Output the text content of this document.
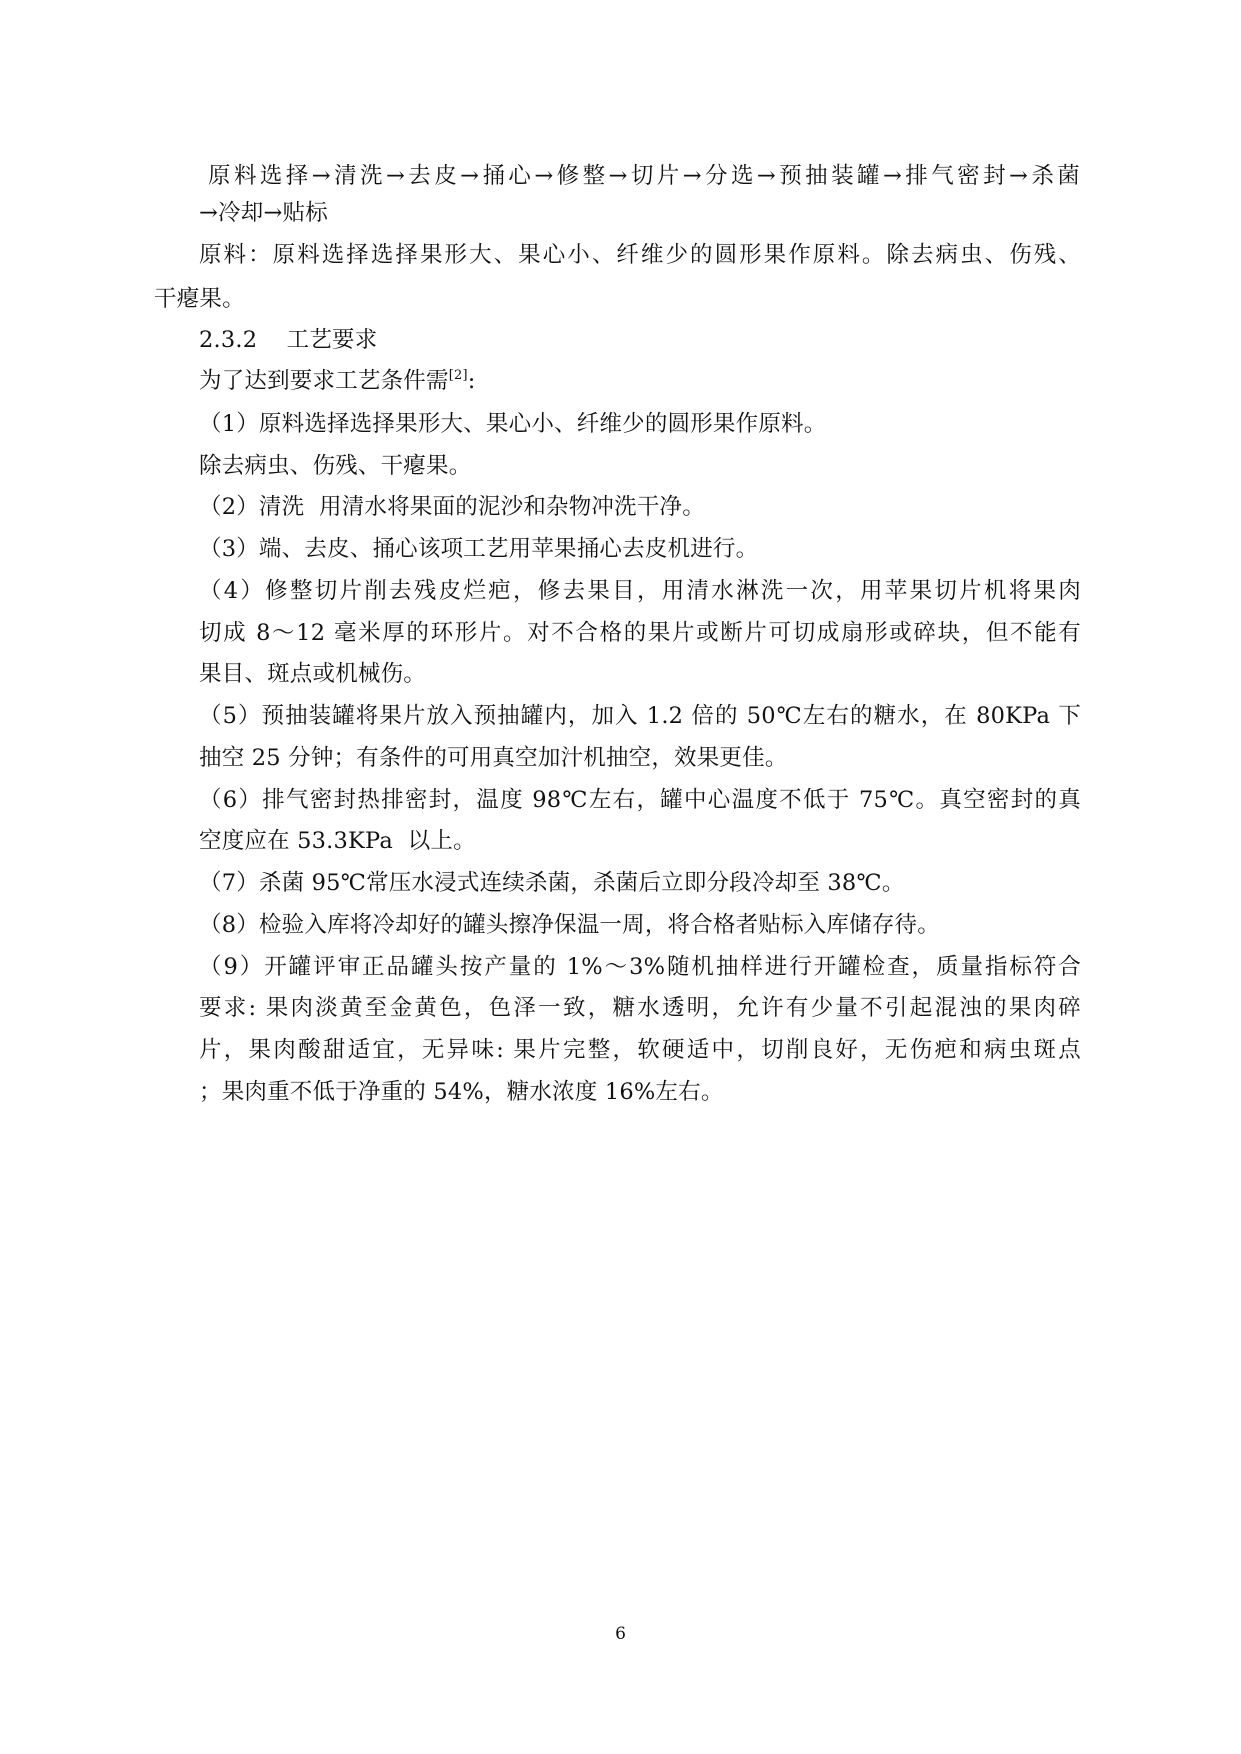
原料选择→清洗→去皮→捅心→修整→切片→分选→预抽装罐→排气密封→杀菌
→冷却→贴标
原料：原料选择选择果形大、果心小、纤维少的圆形果作原料。除去病虫、伤残、
干瘪果。
2.3.2    工艺要求
为了达到要求工艺条件需[2]:
（1）原料选择选择果形大、果心小、纤维少的圆形果作原料。
除去病虫、伤残、干瘪果。
（2）清洗  用清水将果面的泥沙和杂物冲洗干净。
（3）端、去皮、捅心该项工艺用苹果捅心去皮机进行。
（4）修整切片削去残皮烂疤，修去果目，用清水淋洗一次，用苹果切片机将果肉
切成 8～12 毫米厚的环形片。对不合格的果片或断片可切成扇形或碎块，但不能有
果目、斑点或机械伤。
（5）预抽装罐将果片放入预抽罐内，加入 1.2 倍的 50℃左右的糖水，在 80KPa 下
抽空 25 分钟；有条件的可用真空加汁机抽空，效果更佳。
（6）排气密封热排密封，温度 98℃左右，罐中心温度不低于 75℃。真空密封的真
空度应在 53.3KPa  以上。
（7）杀菌 95℃常压水浸式连续杀菌，杀菌后立即分段冷却至 38℃。
（8）检验入库将冷却好的罐头擦净保温一周，将合格者贴标入库储存待。
（9）开罐评审正品罐头按产量的 1%～3%随机抽样进行开罐检查，质量指标符合
要求: 果肉淡黄至金黄色，色泽一致，糖水透明，允许有少量不引起混浊的果肉碎
片，果肉酸甜适宜，无异味: 果片完整，软硬适中，切削良好，无伤疤和病虫斑点
；果肉重不低于净重的 54%，糖水浓度 16%左右。
6
